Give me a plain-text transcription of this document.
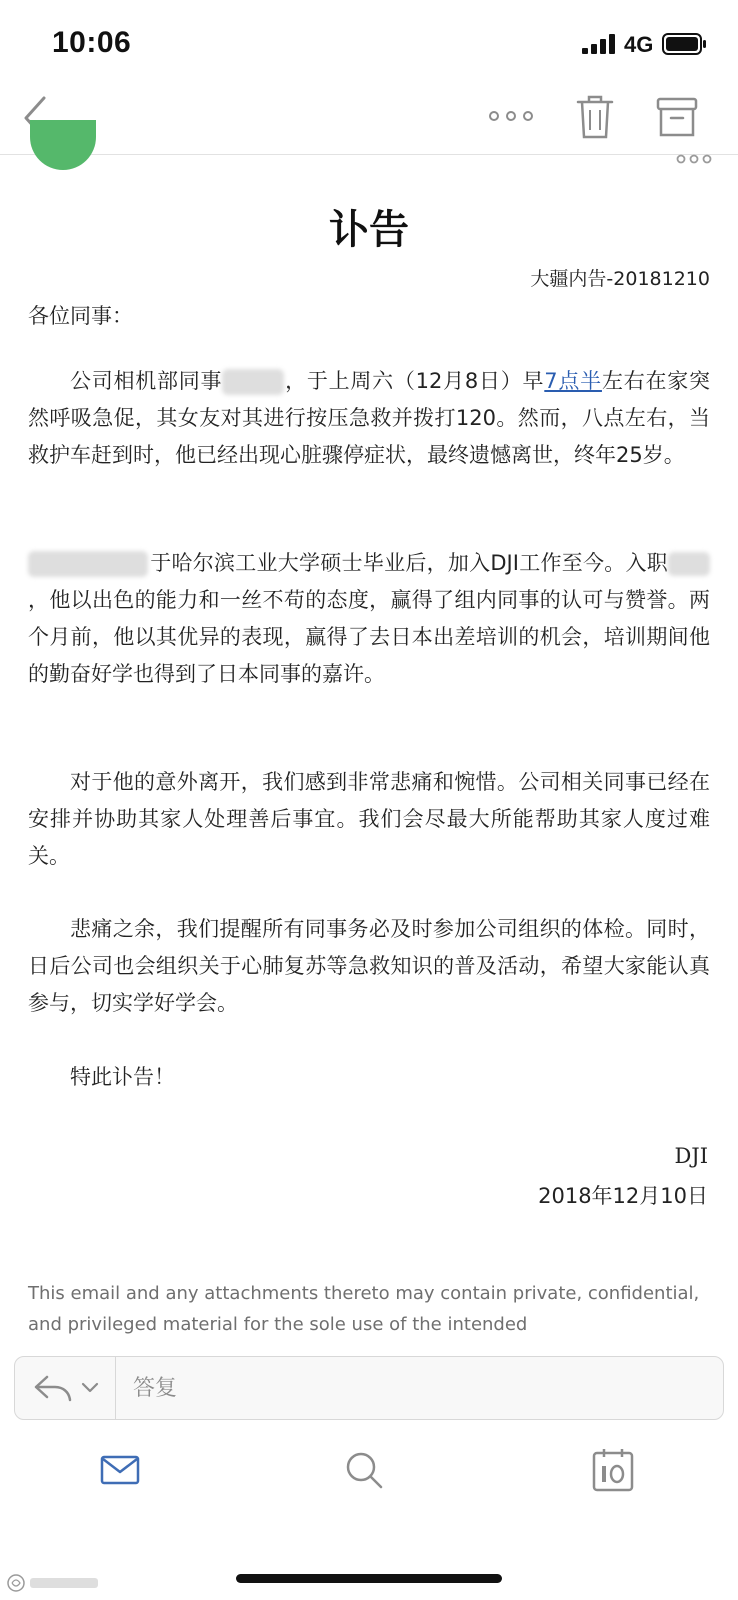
10:06	4G
讣告
大疆内告-20181210
各位同事：

公司相机部同事	，于上周六（12月8日）早7点半左右在家突然呼吸急促，其女友对其进行按压急救并拨打120。然而，八点左右，当救护车赶到时，他已经出现心脏骤停症状，最终遗憾离世，终年25岁。

于哈尔滨工业大学硕士毕业后，加入DJI工作至今。入职，他以出色的能力和一丝不苟的态度，赢得了组内同事的认可与赞誉。两个月前，他以其优异的表现，赢得了去日本出差培训的机会，培训期间他的勤奋好学也得到了日本同事的嘉许。

对于他的意外离开，我们感到非常悲痛和惋惜。公司相关同事已经在安排并协助其家人处理善后事宜。我们会尽最大所能帮助其家人度过难关。

悲痛之余，我们提醒所有同事务必及时参加公司组织的体检。同时，日后公司也会组织关于心肺复苏等急救知识的普及活动，希望大家能认真参与，切实学好学会。

特此讣告！

DJI
2018年12月10日

This email and any attachments thereto may contain private, confidential, and privileged material for the sole use of the intended

答复
